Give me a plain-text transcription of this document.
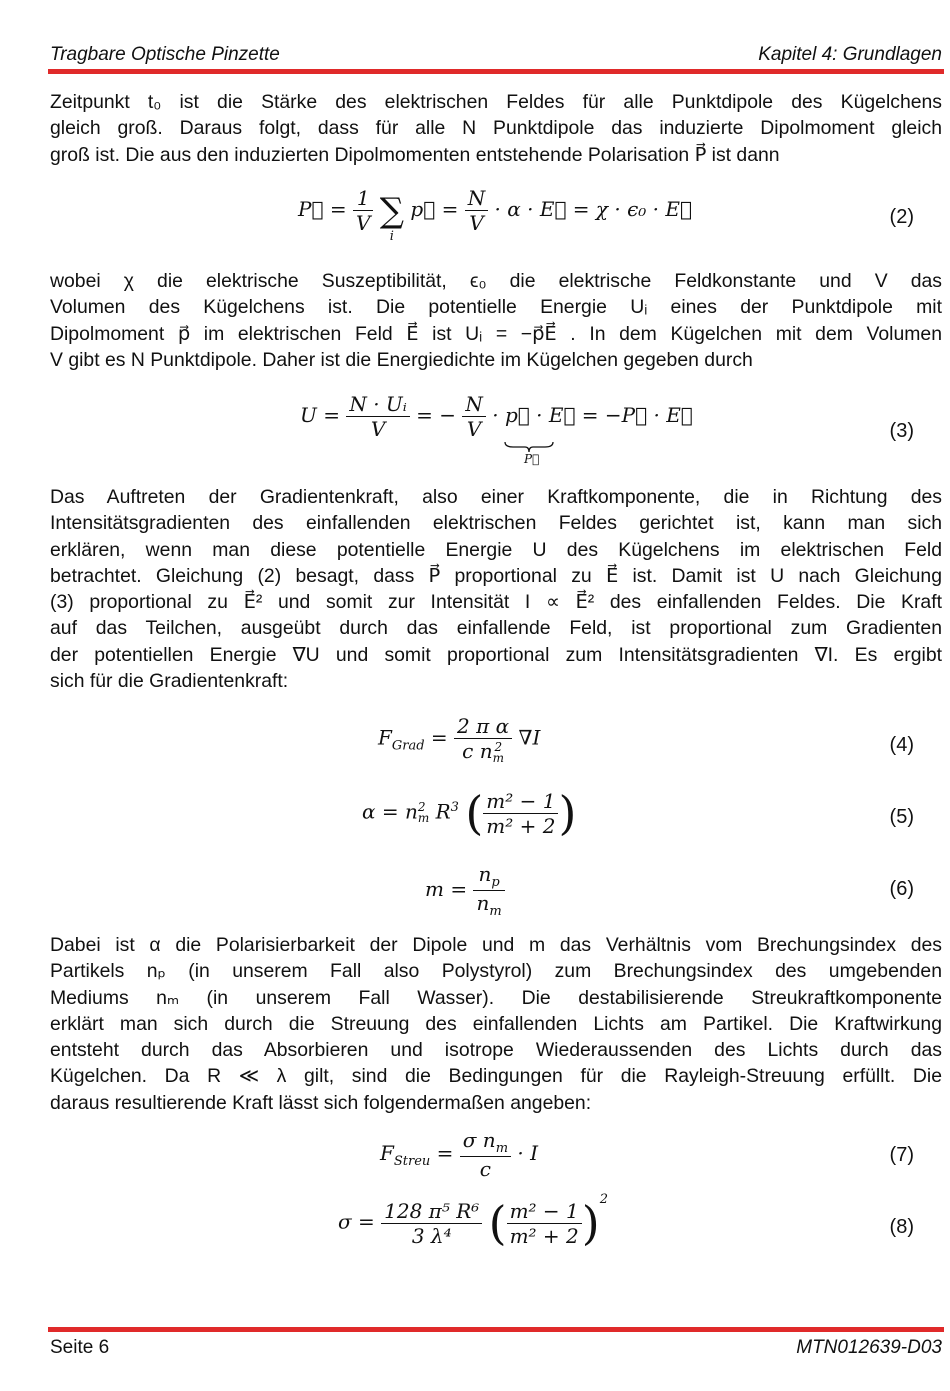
Tragbare Optische Pinzette	Kapitel 4: Grundlagen
Zeitpunkt t₀ ist die Stärke des elektrischen Feldes für alle Punktdipole des Kügelchens
gleich groß. Daraus folgt, dass für alle N Punktdipole das induzierte Dipolmoment gleich
groß ist. Die aus den induzierten Dipolmomenten entstehende Polarisation P⃗ ist dann
P⃗ = $\frac{1}{V}$ ∑
i
p⃗ = $\frac{N}{V} \cdot \alpha$ · E⃗ = χ · ϵ₀ · E⃗	(2)
wobei χ die elektrische Suszeptibilität, ϵ₀ die elektrische Feldkonstante und V das
Volumen des Kügelchens ist. Die potentielle Energie Uᵢ eines der Punktdipole mit
Dipolmoment p⃗ im elektrischen Feld E⃗ ist Uᵢ = −p⃗E⃗ . In dem Kügelchen mit dem Volumen
V gibt es N Punktdipole. Daher ist die Energiedichte im Kügelchen gegeben durch
$U = \frac{\text{N · Uᵢ}}{V}$ = − $\frac{N}{V}$ · p⃗ · E⃗ = −P⃗ · E⃗
P⃗
(3)
Das Auftreten der Gradientenkraft, also einer Kraftkomponente, die in Richtung des
Intensitätsgradienten des einfallenden elektrischen Feldes gerichtet ist, kann man sich
erklären, wenn man diese potentielle Energie U des Kügelchens im elektrischen Feld
betrachtet. Gleichung (2) besagt, dass P⃗ proportional zu E⃗ ist. Damit ist U nach Gleichung
(3) proportional zu E⃗² und somit zur Intensität I ∝ E⃗² des einfallenden Feldes. Die Kraft
auf das Teilchen, ausgeübt durch das einfallende Feld, ist proportional zum Gradienten
der potentiellen Energie ∇U und somit proportional zum Intensitätsgradienten ∇I. Es ergibt
sich für die Gradientenkraft:
$F_{Grad} = 2$ π α
c n 2
m ∇I	(4)
α = n 2
m $R^3$ ( $\frac{\text{m² − 1}}{\text{m² + 2}}$ )	(5)
$m = \frac{n_p}{n_m}$	(6)
Dabei ist α die Polarisierbarkeit der Dipole und m das Verhältnis vom Brechungsindex des
Partikels nₚ (in unserem Fall also Polystyrol) zum Brechungsindex des umgebenden
Mediums nₘ (in unserem Fall Wasser). Die destabilisierende Streukraftkomponente
erklärt man sich durch die Streuung des einfallenden Lichts am Partikel. Die Kraftwirkung
entsteht durch das Absorbieren und isotrope Wiederaussenden des Lichts durch das
Kügelchen. Da R ≪ λ gilt, sind die Bedingungen für die Rayleigh-Streuung erfüllt. Die
daraus resultierende Kraft lässt sich folgendermaßen angeben:
$F_{Streu} = \frac{\sigma n_m}{c} \cdot I$	(7)
$\sigma = \frac{\text{128 π⁵ R⁶}}{\text{3 λ⁴}}$ ( $\frac{\text{m² − 1}}{\text{m² + 2}} )^2$
(8)
Seite 6	MTN012639-D03
